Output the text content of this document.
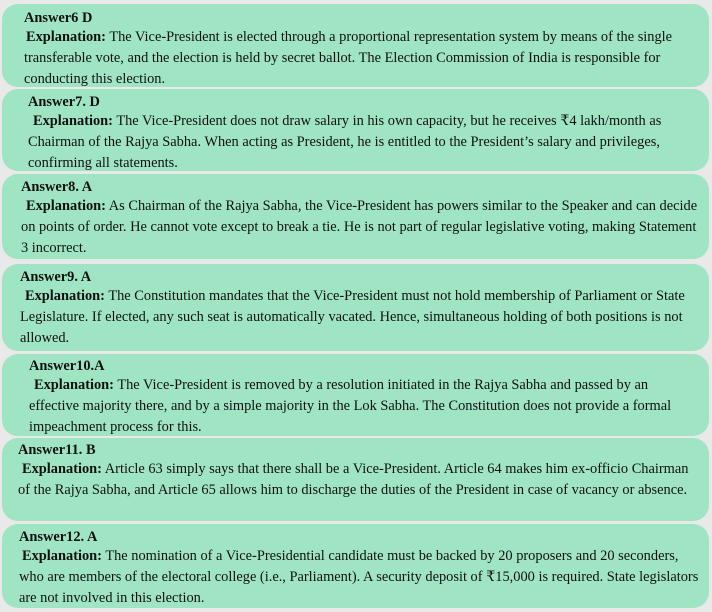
Answer6 D
Explanation: The Vice-President is elected through a proportional representation system by means of the single transferable vote, and the election is held by secret ballot. The Election Commission of India is responsible for conducting this election.
Answer7. D
Explanation: The Vice-President does not draw salary in his own capacity, but he receives ₹4 lakh/month as Chairman of the Rajya Sabha. When acting as President, he is entitled to the President’s salary and privileges, confirming all statements.
Answer8. A
Explanation: As Chairman of the Rajya Sabha, the Vice-President has powers similar to the Speaker and can decide on points of order. He cannot vote except to break a tie. He is not part of regular legislative voting, making Statement 3 incorrect.
Answer9. A
Explanation: The Constitution mandates that the Vice-President must not hold membership of Parliament or State Legislature. If elected, any such seat is automatically vacated. Hence, simultaneous holding of both positions is not allowed.
Answer10.A
Explanation: The Vice-President is removed by a resolution initiated in the Rajya Sabha and passed by an effective majority there, and by a simple majority in the Lok Sabha. The Constitution does not provide a formal impeachment process for this.
Answer11. B
Explanation: Article 63 simply says that there shall be a Vice-President. Article 64 makes him ex-officio Chairman of the Rajya Sabha, and Article 65 allows him to discharge the duties of the President in case of vacancy or absence.
Answer12. A
Explanation: The nomination of a Vice-Presidential candidate must be backed by 20 proposers and 20 seconders, who are members of the electoral college (i.e., Parliament). A security deposit of ₹15,000 is required. State legislators are not involved in this election.
